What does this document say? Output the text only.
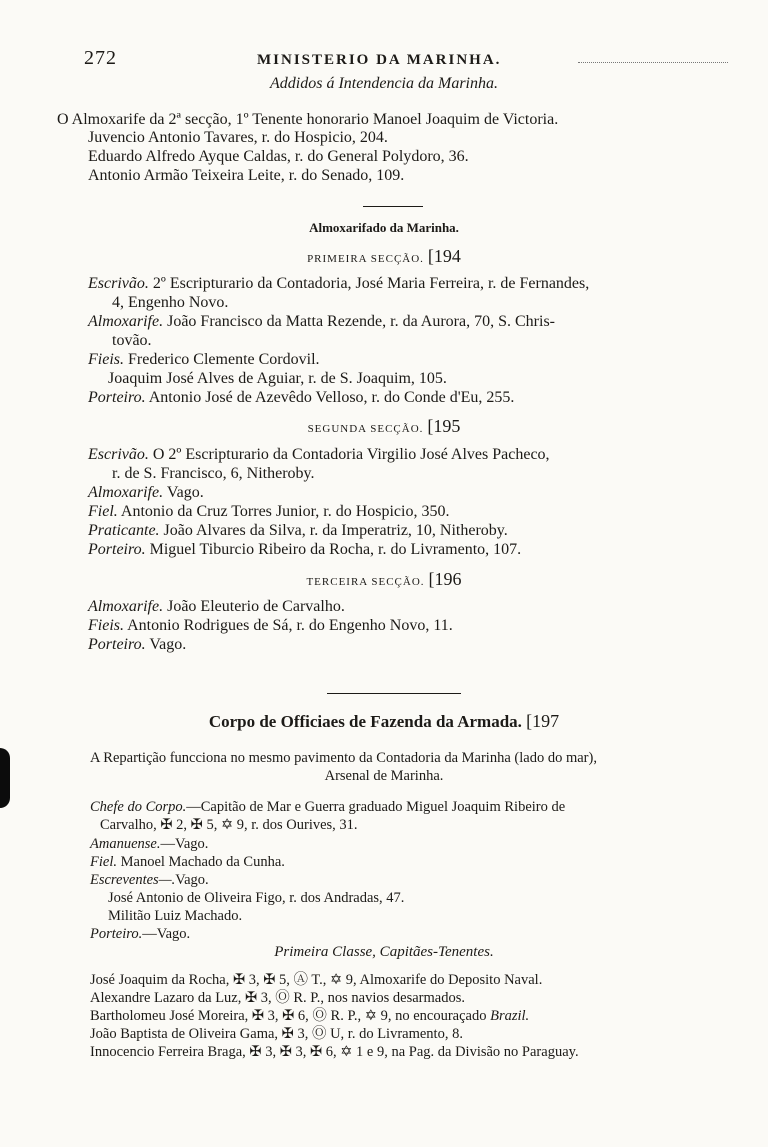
272	MINISTERIO DA MARINHA.
Addidos á Intendencia da Marinha.
O Almoxarife da 2ª secção, 1º Tenente honorario Manoel Joaquim de Victoria.
Juvencio Antonio Tavares, r. do Hospicio, 204.
Eduardo Alfredo Ayque Caldas, r. do General Polydoro, 36.
Antonio Armão Teixeira Leite, r. do Senado, 109.
Almoxarifado da Marinha.
PRIMEIRA SECÇÃO. [194
Escrivão. 2º Escripturario da Contadoria, José Maria Ferreira, r. de Fernandes,
4, Engenho Novo.
Almoxarife. João Francisco da Matta Rezende, r. da Aurora, 70, S. Chris-
tovão.
Fieis. Frederico Clemente Cordovil.
Joaquim José Alves de Aguiar, r. de S. Joaquim, 105.
Porteiro. Antonio José de Azevêdo Velloso, r. do Conde d'Eu, 255.
SEGUNDA SECÇÃO. [195
Escrivão. O 2º Escripturario da Contadoria Virgilio José Alves Pacheco,
r. de S. Francisco, 6, Nitheroby.
Almoxarife. Vago.
Fiel. Antonio da Cruz Torres Junior, r. do Hospicio, 350.
Praticante. João Alvares da Silva, r. da Imperatriz, 10, Nitheroby.
Porteiro. Miguel Tiburcio Ribeiro da Rocha, r. do Livramento, 107.
TERCEIRA SECÇÃO. [196
Almoxarife. João Eleuterio de Carvalho.
Fieis. Antonio Rodrigues de Sá, r. do Engenho Novo, 11.
Porteiro. Vago.
Corpo de Officiaes de Fazenda da Armada. [197
A Repartição funcciona no mesmo pavimento da Contadoria da Marinha (lado do mar),
Arsenal de Marinha.
Chefe do Corpo.—Capitão de Mar e Guerra graduado Miguel Joaquim Ribeiro de
Carvalho, ✠ 2, ✠ 5, ✡ 9, r. dos Ourives, 31.
Amanuense.—Vago.
Fiel. Manoel Machado da Cunha.
Escreventes—.Vago.
José Antonio de Oliveira Figo, r. dos Andradas, 47.
Militão Luiz Machado.
Porteiro.—Vago.
Primeira Classe, Capitães-Tenentes.
José Joaquim da Rocha, ✠ 3, ✠ 5, Ⓐ T., ✡ 9, Almoxarife do Deposito Naval.
Alexandre Lazaro da Luz, ✠ 3, Ⓞ R. P., nos navios desarmados.
Bartholomeu José Moreira, ✠ 3, ✠ 6, Ⓞ R. P., ✡ 9, no encouraçado Brazil.
João Baptista de Oliveira Gama, ✠ 3, Ⓞ U, r. do Livramento, 8.
Innocencio Ferreira Braga, ✠ 3, ✠ 3, ✠ 6, ✡ 1 e 9, na Pag. da Divisão no Paraguay.
